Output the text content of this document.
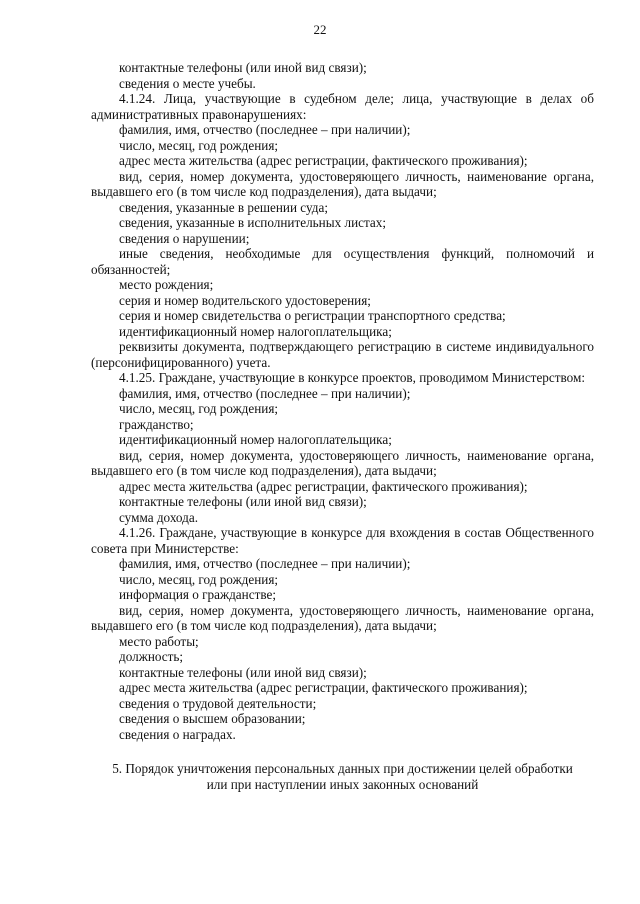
22

контактные телефоны (или иной вид связи);

сведения о месте учебы.

4.1.24. Лица, участвующие в судебном деле; лица, участвующие в делах об административных правонарушениях:

фамилия, имя, отчество (последнее – при наличии);

число, месяц, год рождения;

адрес места жительства (адрес регистрации, фактического проживания);

вид, серия, номер документа, удостоверяющего личность, наименование органа, выдавшего его (в том числе код подразделения), дата выдачи;

сведения, указанные в решении суда;

сведения, указанные в исполнительных листах;

сведения о нарушении;

иные сведения, необходимые для осуществления функций, полномочий и обязанностей;

место рождения;

серия и номер водительского удостоверения;

серия и номер свидетельства о регистрации транспортного средства;

идентификационный номер налогоплательщика;

реквизиты документа, подтверждающего регистрацию в системе индивидуального (персонифицированного) учета.

4.1.25. Граждане, участвующие в конкурсе проектов, проводимом Министерством:

фамилия, имя, отчество (последнее – при наличии);

число, месяц, год рождения;

гражданство;

идентификационный номер налогоплательщика;

вид, серия, номер документа, удостоверяющего личность, наименование органа, выдавшего его (в том числе код подразделения), дата выдачи;

адрес места жительства (адрес регистрации, фактического проживания);

контактные телефоны (или иной вид связи);

сумма дохода.

4.1.26. Граждане, участвующие в конкурсе для вхождения в состав Общественного совета при Министерстве:

фамилия, имя, отчество (последнее – при наличии);

число, месяц, год рождения;

информация о гражданстве;

вид, серия, номер документа, удостоверяющего личность, наименование органа, выдавшего его (в том числе код подразделения), дата выдачи;

место работы;

должность;

контактные телефоны (или иной вид связи);

адрес места жительства (адрес регистрации, фактического проживания);

сведения о трудовой деятельности;

сведения о высшем образовании;

сведения о наградах.

5. Порядок уничтожения персональных данных при достижении целей обработки
или при наступлении иных законных оснований
